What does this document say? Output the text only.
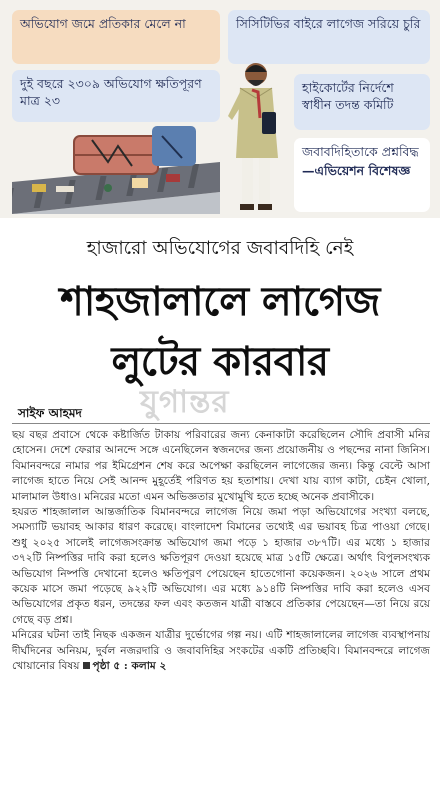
অভিযোগ জমে প্রতিকার মেলে না	সিসিটিভির বাইরে লাগেজ সরিয়ে চুরি
দুই বছরে ২৩০৯ অভিযোগ ক্ষতিপূরণ মাত্র ২৩
হাইকোর্টের নির্দেশে স্বাধীন তদন্ত কমিটি
জবাবদিহিতাকে প্রশ্নবিদ্ধ
—এভিয়েশন বিশেষজ্ঞ
হাজারো অভিযোগের জবাবদিহি নেই
শাহজালালে লাগেজ
লুটের কারবার
যুগান্তর
সাইফ আহমদ

ছয় বছর প্রবাসে থেকে কষ্টার্জিত টাকায় পরিবারের জন্য কেনাকাটা করেছিলেন সৌদি প্রবাসী মনির হোসেন। দেশে ফেরার আনন্দে সঙ্গে এনেছিলেন স্বজনদের জন্য প্রয়োজনীয় ও পছন্দের নানা জিনিস। বিমানবন্দরে নামার পর ইমিগ্রেশন শেষ করে অপেক্ষা করছিলেন লাগেজের জন্য। কিন্তু বেল্টে আসা লাগেজ হাতে নিয়ে সেই আনন্দ মুহূর্তেই পরিণত হয় হতাশায়। দেখা যায় ব্যাগ কাটা, চেইন খোলা, মালামাল উধাও। মনিরের মতো এমন অভিজ্ঞতার মুখোমুখি হতে হচ্ছে অনেক প্রবাসীকে।

হযরত শাহজালাল আন্তর্জাতিক বিমানবন্দরে লাগেজ নিয়ে জমা পড়া অভিযোগের সংখ্যা বলছে, সমস্যাটি ভয়াবহ আকার ধারণ করেছে। বাংলাদেশ বিমানের তথ্যেই এর ভয়াবহ চিত্র পাওয়া গেছে। শুধু ২০২৫ সালেই লাগেজসংক্রান্ত অভিযোগ জমা পড়ে ১ হাজার ৩৮৭টি। এর মধ্যে ১ হাজার ৩৭২টি নিষ্পত্তির দাবি করা হলেও ক্ষতিপূরণ দেওয়া হয়েছে মাত্র ১৫টি ক্ষেত্রে। অর্থাৎ বিপুলসংখ্যক অভিযোগ নিষ্পত্তি দেখানো হলেও ক্ষতিপূরণ পেয়েছেন হাতেগোনা কয়েকজন। ২০২৬ সালে প্রথম কয়েক মাসে জমা পড়েছে ৯২২টি অভিযোগ। এর মধ্যে ৯১৪টি নিষ্পত্তির দাবি করা হলেও এসব অভিযোগের প্রকৃত ধরন, তদন্তের ফল এবং কতজন যাত্রী বাস্তবে প্রতিকার পেয়েছেন—তা নিয়ে রয়ে গেছে বড় প্রশ্ন।

মনিরের ঘটনা তাই নিছক একজন যাত্রীর দুর্ভোগের গল্প নয়। এটি শাহজালালের লাগেজ ব্যবস্থাপনায় দীর্ঘদিনের অনিয়ম, দুর্বল নজরদারি ও জবাবদিহির সংকটের একটি প্রতিচ্ছবি। বিমানবন্দরে লাগেজ খোয়ানোর বিষয় পৃষ্ঠা ৫ : কলাম ২
